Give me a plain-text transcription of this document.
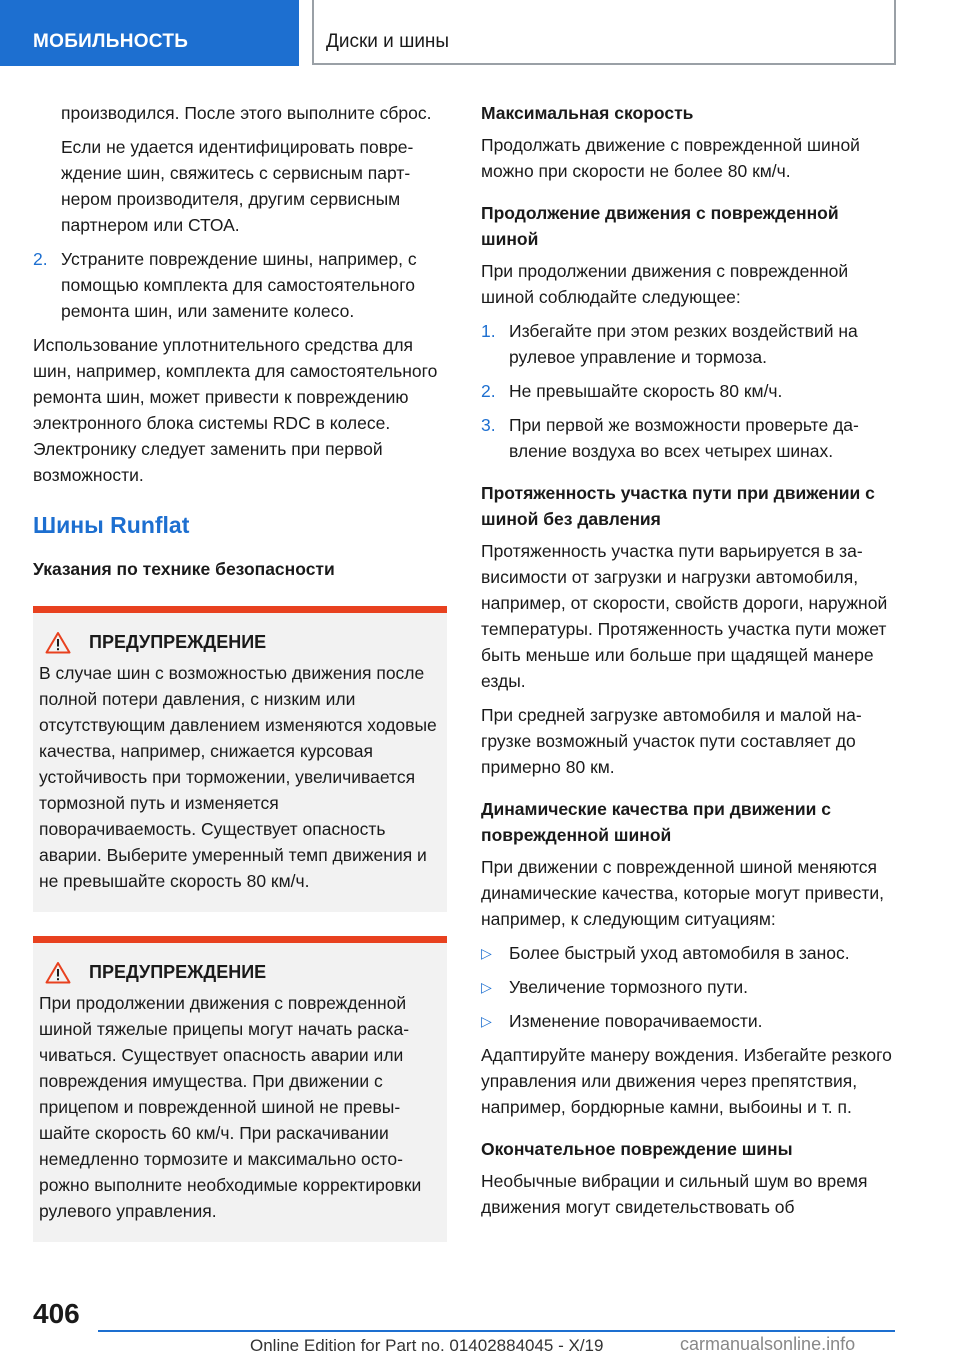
МОБИЛЬНОСТЬ	Диски и шины

производился. После этого выполните сброс.

Если не удается идентифицировать повреждение шин, свяжитесь с сервисным партнером производителя, другим сервисным партнером или СТОА.

2. Устраните повреждение шины, например, с помощью комплекта для самостоятельного ремонта шин, или замените колесо.

Использование уплотнительного средства для шин, например, комплекта для самостоятельного ремонта шин, может привести к повреждению электронного блока системы RDC в колесе. Электронику следует заменить при первой возможности.

Шины Runflat
Указания по технике безопасности
ПРЕДУПРЕЖДЕНИЕ

В случае шин с возможностью движения после полной потери давления, с низким или отсутствующим давлением изменяются ходовые качества, например, снижается курсовая устойчивость при торможении, увеличивается тормозной путь и изменяется поворачиваемость. Существует опасность аварии. Выберите умеренный темп движения и не превышайте скорость 80 км/ч.

ПРЕДУПРЕЖДЕНИЕ

При продолжении движения с поврежденной шиной тяжелые прицепы могут начать раскачиваться. Существует опасность аварии или повреждения имущества. При движении с прицепом и поврежденной шиной не превышайте скорость 60 км/ч. При раскачивании немедленно тормозите и максимально осторожно выполните необходимые корректировки рулевого управления.

Максимальная скорость

Продолжать движение с поврежденной шиной можно при скорости не более 80 км/ч.

Продолжение движения с поврежденной шиной

При продолжении движения с поврежденной шиной соблюдайте следующее:

1. Избегайте при этом резких воздействий на рулевое управление и тормоза.
2. Не превышайте скорость 80 км/ч.
3. При первой же возможности проверьте давление воздуха во всех четырех шинах.
Протяженность участка пути при движении с шиной без давления

Протяженность участка пути варьируется в зависимости от загрузки и нагрузки автомобиля, например, от скорости, свойств дороги, наружной температуры. Протяженность участка пути может быть меньше или больше при щадящей манере езды.

При средней загрузке автомобиля и малой нагрузке возможный участок пути составляет до примерно 80 км.

Динамические качества при движении с поврежденной шиной

При движении с поврежденной шиной меняются динамические качества, которые могут привести, например, к следующим ситуациям:

▷ Более быстрый уход автомобиля в занос.
▷ Увеличение тормозного пути.
▷ Изменение поворачиваемости.

Адаптируйте манеру вождения. Избегайте резкого управления или движения через препятствия, например, бордюрные камни, выбоины и т. п.

Окончательное повреждение шины

Необычные вибрации и сильный шум во время движения могут свидетельствовать об

406
Online Edition for Part no. 01402884045 - X/19	carmanualsonline.info
